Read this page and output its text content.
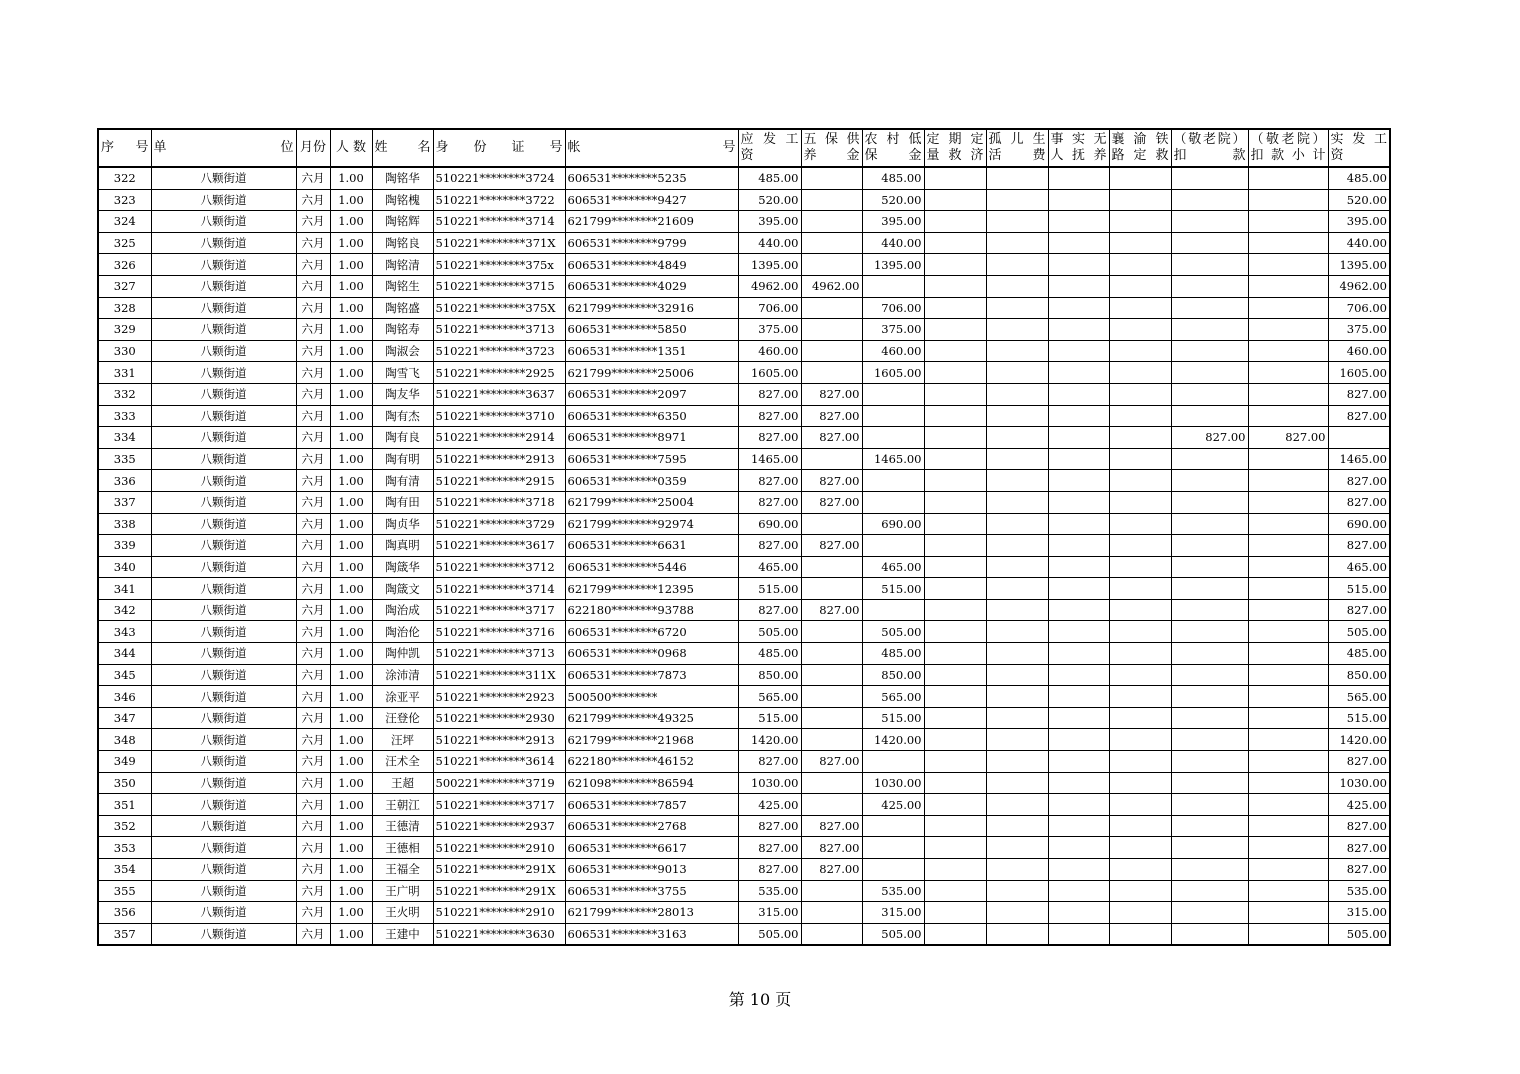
序 号	单 位	月份	人 数	姓 名	身 份 证 号	帐 号	应 发 工 资	五 保 供 养 金	农 村 低 保 金	定 期 定 量 救 济	孤 儿 生 活 费	事 实 无 人 抚 养	襄 渝 铁 路 定 救	（敬老院）扣 款	（敬老院）扣 款 小 计	实 发 工 资
322	八颗街道	六月	1.00	陶铭华	510221********3724	606531********5235	485.00		485.00							485.00
323	八颗街道	六月	1.00	陶铭槐	510221********3722	606531********9427	520.00		520.00							520.00
324	八颗街道	六月	1.00	陶铭辉	510221********3714	621799********21609	395.00		395.00							395.00
325	八颗街道	六月	1.00	陶铭良	510221********371X	606531********9799	440.00		440.00							440.00
326	八颗街道	六月	1.00	陶铭清	510221********375x	606531********4849	1395.00		1395.00							1395.00
327	八颗街道	六月	1.00	陶铭生	510221********3715	606531********4029	4962.00	4962.00								4962.00
328	八颗街道	六月	1.00	陶铭盛	510221********375X	621799********32916	706.00		706.00							706.00
329	八颗街道	六月	1.00	陶铭寿	510221********3713	606531********5850	375.00		375.00							375.00
330	八颗街道	六月	1.00	陶淑会	510221********3723	606531********1351	460.00		460.00							460.00
331	八颗街道	六月	1.00	陶雪飞	510221********2925	621799********25006	1605.00		1605.00							1605.00
332	八颗街道	六月	1.00	陶友华	510221********3637	606531********2097	827.00	827.00								827.00
333	八颗街道	六月	1.00	陶有杰	510221********3710	606531********6350	827.00	827.00								827.00
334	八颗街道	六月	1.00	陶有良	510221********2914	606531********8971	827.00	827.00						827.00	827.00	
335	八颗街道	六月	1.00	陶有明	510221********2913	606531********7595	1465.00		1465.00							1465.00
336	八颗街道	六月	1.00	陶有清	510221********2915	606531********0359	827.00	827.00								827.00
337	八颗街道	六月	1.00	陶有田	510221********3718	621799********25004	827.00	827.00								827.00
338	八颗街道	六月	1.00	陶贞华	510221********3729	621799********92974	690.00		690.00							690.00
339	八颗街道	六月	1.00	陶真明	510221********3617	606531********6631	827.00	827.00								827.00
340	八颗街道	六月	1.00	陶箴华	510221********3712	606531********5446	465.00		465.00							465.00
341	八颗街道	六月	1.00	陶箴文	510221********3714	621799********12395	515.00		515.00							515.00
342	八颗街道	六月	1.00	陶治成	510221********3717	622180********93788	827.00	827.00								827.00
343	八颗街道	六月	1.00	陶治伦	510221********3716	606531********6720	505.00		505.00							505.00
344	八颗街道	六月	1.00	陶仲凯	510221********3713	606531********0968	485.00		485.00							485.00
345	八颗街道	六月	1.00	涂沛清	510221********311X	606531********7873	850.00		850.00							850.00
346	八颗街道	六月	1.00	涂亚平	510221********2923	500500********	565.00		565.00							565.00
347	八颗街道	六月	1.00	汪登伦	510221********2930	621799********49325	515.00		515.00							515.00
348	八颗街道	六月	1.00	汪坪	510221********2913	621799********21968	1420.00		1420.00							1420.00
349	八颗街道	六月	1.00	汪术全	510221********3614	622180********46152	827.00	827.00								827.00
350	八颗街道	六月	1.00	王超	500221********3719	621098********86594	1030.00		1030.00							1030.00
351	八颗街道	六月	1.00	王朝江	510221********3717	606531********7857	425.00		425.00							425.00
352	八颗街道	六月	1.00	王德清	510221********2937	606531********2768	827.00	827.00								827.00
353	八颗街道	六月	1.00	王德相	510221********2910	606531********6617	827.00	827.00								827.00
354	八颗街道	六月	1.00	王福全	510221********291X	606531********9013	827.00	827.00								827.00
355	八颗街道	六月	1.00	王广明	510221********291X	606531********3755	535.00		535.00							535.00
356	八颗街道	六月	1.00	王火明	510221********2910	621799********28013	315.00		315.00							315.00
357	八颗街道	六月	1.00	王建中	510221********3630	606531********3163	505.00		505.00							505.00
第 10 页
